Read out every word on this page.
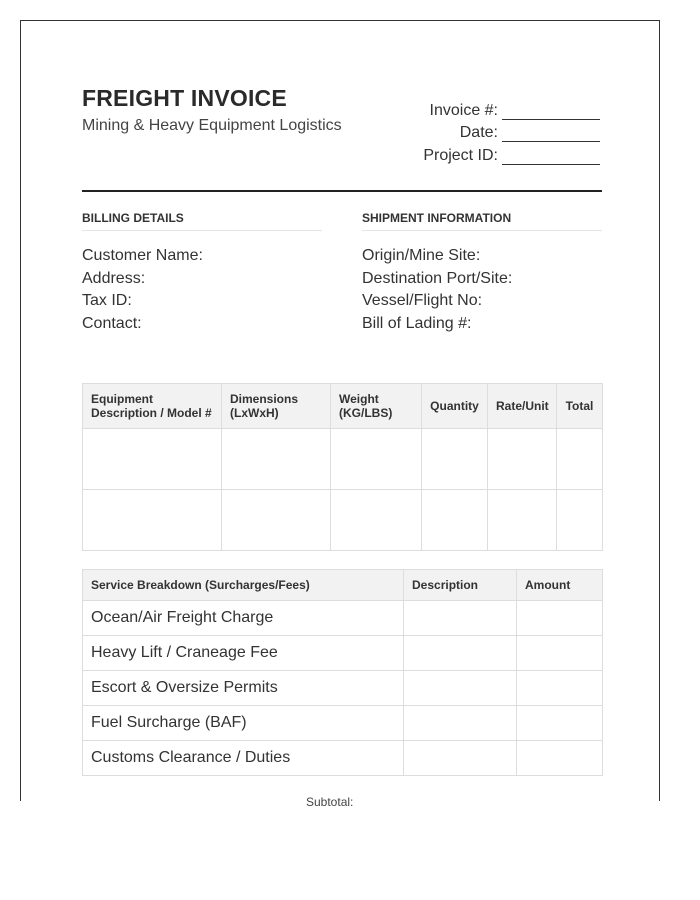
FREIGHT INVOICE
Mining & Heavy Equipment Logistics
Invoice #:
Date:
Project ID:
BILLING DETAILS
Customer Name:
Address:
Tax ID:
Contact:
SHIPMENT INFORMATION
Origin/Mine Site:
Destination Port/Site:
Vessel/Flight No:
Bill of Lading #:
Equipment Description / Model #	Dimensions (LxWxH)	Weight (KG/LBS)	Quantity	Rate/Unit	Total

Service Breakdown (Surcharges/Fees)	Description	Amount
Ocean/Air Freight Charge		
Heavy Lift / Craneage Fee		
Escort & Oversize Permits		
Fuel Surcharge (BAF)		
Customs Clearance / Duties		
Subtotal:
